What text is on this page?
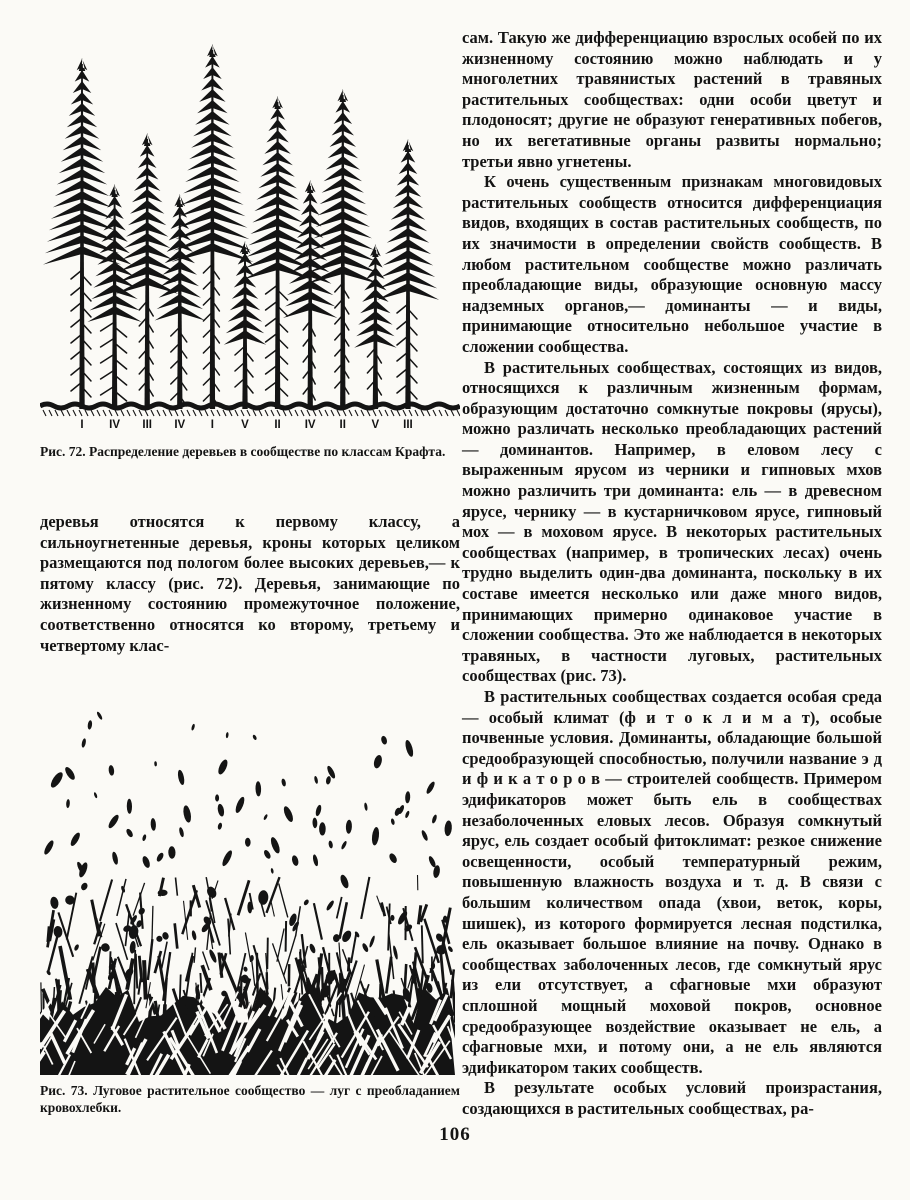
I	IV	III	IV	I	V	II	IV	II	V	III
Рис. 72. Распределение деревьев в сообществе по классам Крафта.

деревья относятся к первому классу, а сильноугнетенные деревья, кроны которых целиком размещаются под пологом более высоких деревьев,— к пятому классу (рис. 72). Деревья, занимающие по жизненному состоянию промежуточное положение, соответственно относятся ко второму, третьему и четвертому клас-

Рис. 73. Луговое растительное сообщество — луг с преобладанием кровохлебки.

сам. Такую же дифференциацию взрослых особей по их жизненному состоянию можно наблюдать и у многолетних травянистых растений в травяных растительных сообществах: одни особи цветут и плодоносят; другие не образуют генеративных побегов, но их вегетативные органы развиты нормально; третьи явно угнетены.

К очень существенным признакам многовидовых растительных сообществ относится дифференциация видов, входящих в состав растительных сообществ, по их значимости в определении свойств сообществ. В любом растительном сообществе можно различать преобладающие виды, образующие основную массу надземных органов,— доминанты — и виды, принимающие относительно небольшое участие в сложении сообщества.

В растительных сообществах, состоящих из видов, относящихся к различным жизненным формам, образующим достаточно сомкнутые покровы (ярусы), можно различать несколько преобладающих растений — доминантов. Например, в еловом лесу с выраженным ярусом из черники и гипновых мхов можно различить три доминанта: ель — в древесном ярусе, чернику — в кустарничковом ярусе, гипновый мох — в моховом ярусе. В некоторых растительных сообществах (например, в тропических лесах) очень трудно выделить один-два доминанта, поскольку в их составе имеется несколько или даже много видов, принимающих примерно одинаковое участие в сложении сообщества. Это же наблюдается в некоторых травяных, в частности луговых, растительных сообществах (рис. 73).

В растительных сообществах создается особая среда — особый климат (ф и т о к л и м а т), особые почвенные условия. Доминанты, обладающие большой средообразующей способностью, получили название э д и ф и к а т о р о в — строителей сообществ. Примером эдификаторов может быть ель в сообществах незаболоченных еловых лесов. Образуя сомкнутый ярус, ель создает особый фитоклимат: резкое снижение освещенности, особый температурный режим, повышенную влажность воздуха и т. д. В связи с большим количеством опада (хвои, веток, коры, шишек), из которого формируется лесная подстилка, ель оказывает большое влияние на почву. Однако в сообществах заболоченных лесов, где сомкнутый ярус из ели отсутствует, а сфагновые мхи образуют сплошной мощный моховой покров, основное средообразующее воздействие оказывает не ель, а сфагновые мхи, и потому они, а не ель являются эдификатором таких сообществ.

В результате особых условий произрастания, создающихся в растительных сообществах, ра-

106
